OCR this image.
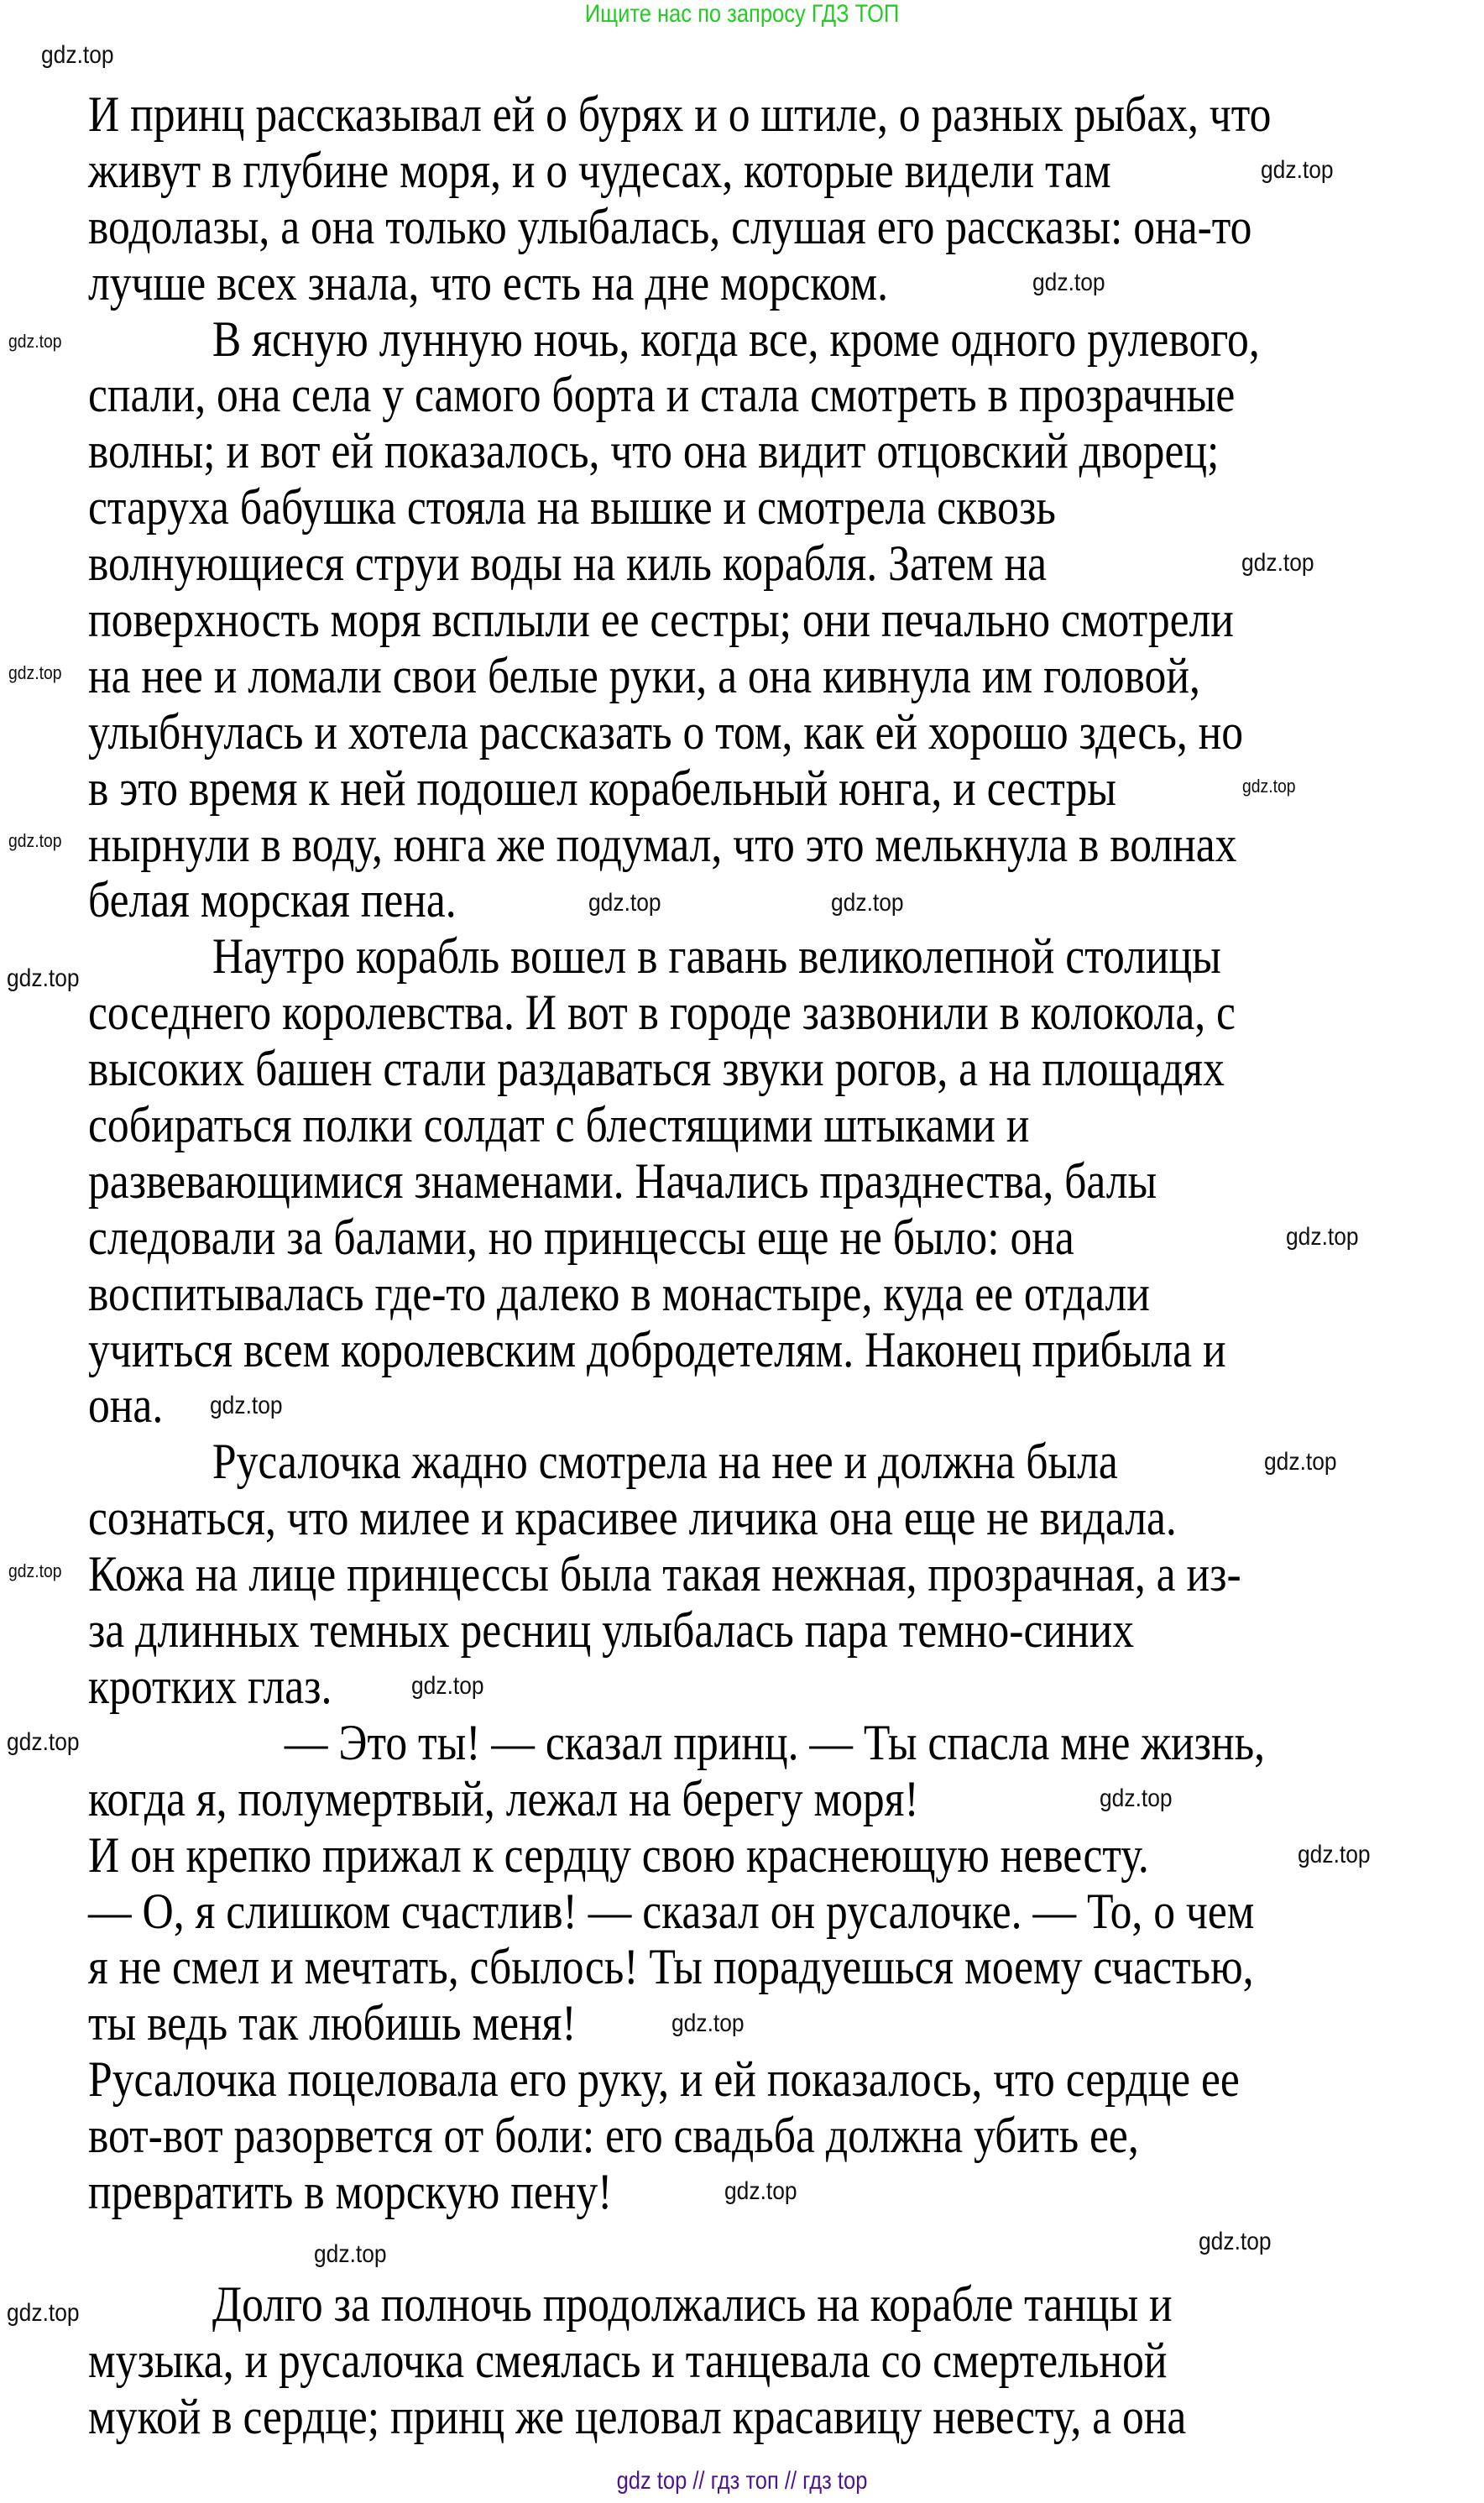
Ищите нас по запросу ГДЗ ТОП
И принц рассказывал ей о бурях и о штиле, о разных рыбах, что
живут в глубине моря, и о чудесах, которые видели там
водолазы, а она только улыбалась, слушая его рассказы: она-то
лучше всех знала, что есть на дне морском.
В ясную лунную ночь, когда все, кроме одного рулевого,
спали, она села у самого борта и стала смотреть в прозрачные
волны; и вот ей показалось, что она видит отцовский дворец;
старуха бабушка стояла на вышке и смотрела сквозь
волнующиеся струи воды на киль корабля. Затем на
поверхность моря всплыли ее сестры; они печально смотрели
на нее и ломали свои белые руки, а она кивнула им головой,
улыбнулась и хотела рассказать о том, как ей хорошо здесь, но
в это время к ней подошел корабельный юнга, и сестры
нырнули в воду, юнга же подумал, что это мелькнула в волнах
белая морская пена.
Наутро корабль вошел в гавань великолепной столицы
соседнего королевства. И вот в городе зазвонили в колокола, с
высоких башен стали раздаваться звуки рогов, а на площадях
собираться полки солдат с блестящими штыками и
развевающимися знаменами. Начались празднества, балы
следовали за балами, но принцессы еще не было: она
воспитывалась где-то далеко в монастыре, куда ее отдали
учиться всем королевским добродетелям. Наконец прибыла и
она.
Русалочка жадно смотрела на нее и должна была
сознаться, что милее и красивее личика она еще не видала.
Кожа на лице принцессы была такая нежная, прозрачная, а из-
за длинных темных ресниц улыбалась пара темно-синих
кротких глаз.
— Это ты! — сказал принц. — Ты спасла мне жизнь,
когда я, полумертвый, лежал на берегу моря!
И он крепко прижал к сердцу свою краснеющую невесту.
— О, я слишком счастлив! — сказал он русалочке. — То, о чем
я не смел и мечтать, сбылось! Ты порадуешься моему счастью,
ты ведь так любишь меня!
Русалочка поцеловала его руку, и ей показалось, что сердце ее
вот-вот разорвется от боли: его свадьба должна убить ее,
превратить в морскую пену!

Долго за полночь продолжались на корабле танцы и
музыка, и русалочка смеялась и танцевала со смертельной
мукой в сердце; принц же целовал красавицу невесту, а она
gdz.top
gdz.top
gdz.top
gdz.top
gdz.top
gdz.top
gdz.top
gdz.top
gdz.top	gdz.top
gdz.top
gdz.top
gdz.top
gdz.top
gdz.top
gdz.top
gdz.top
gdz.top
gdz.top
gdz.top
gdz.top
gdz.top
gdz.top
gdz.top
gdz top // гдз топ // гдз top
